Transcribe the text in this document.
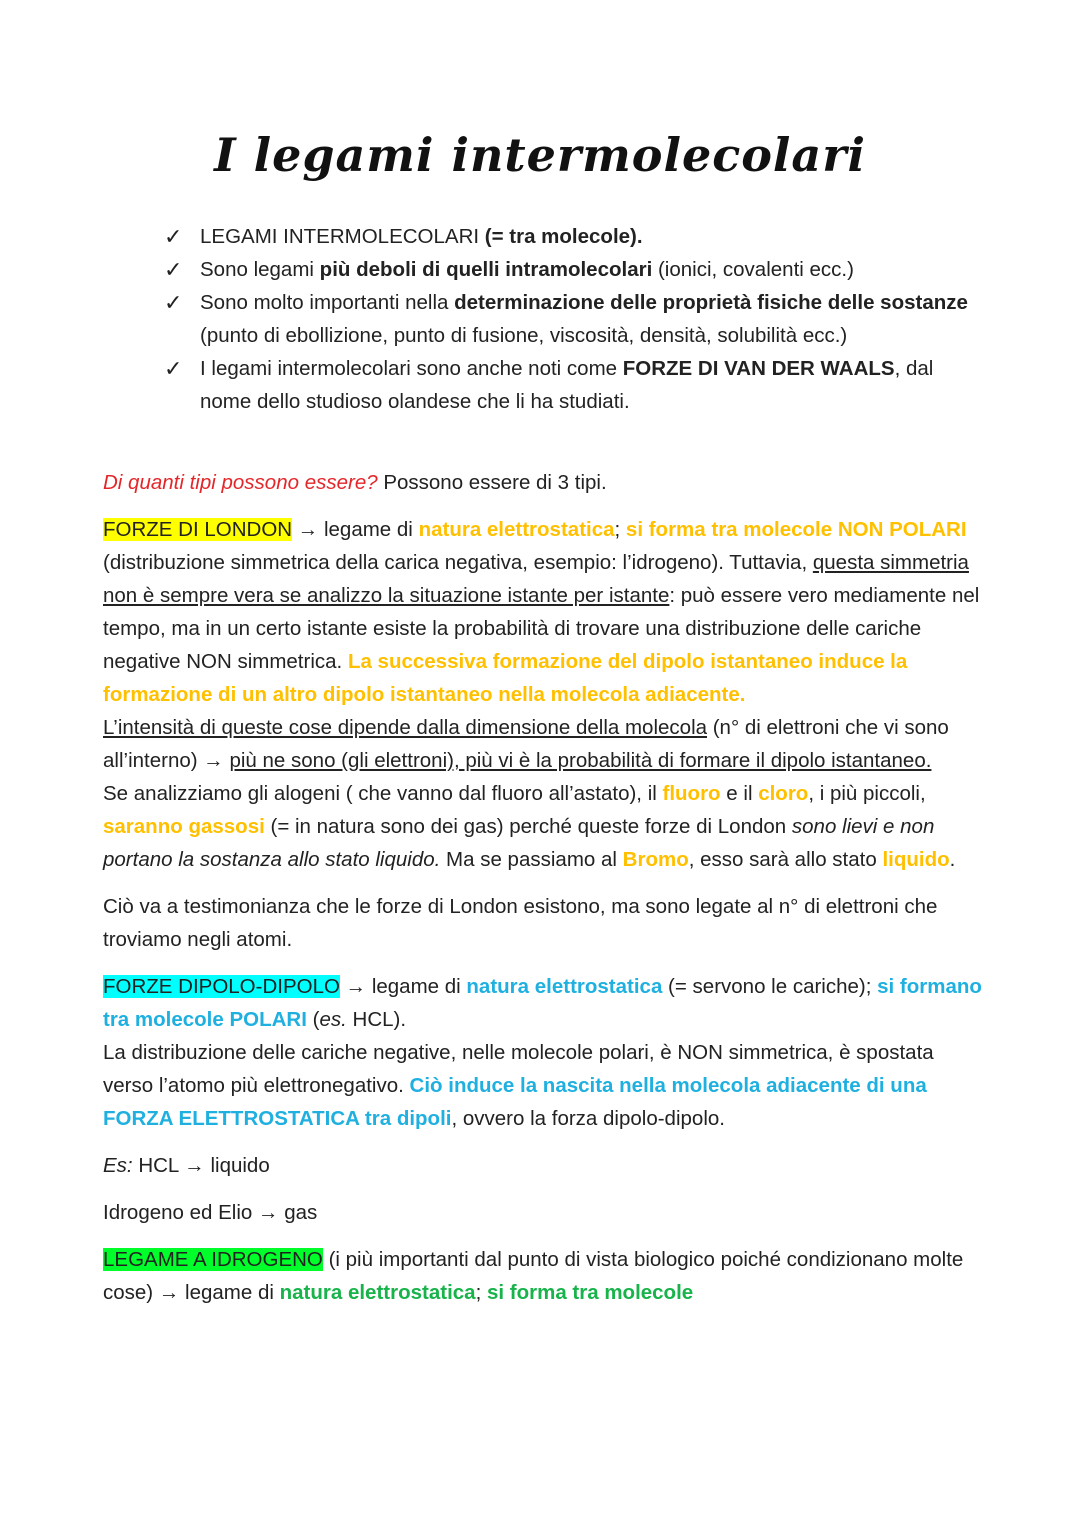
I legami intermolecolari
✓ LEGAMI INTERMOLECOLARI (= tra molecole).
✓ Sono legami più deboli di quelli intramolecolari (ionici, covalenti ecc.)
✓ Sono molto importanti nella determinazione delle proprietà fisiche delle sostanze (punto di ebollizione, punto di fusione, viscosità, densità, solubilità ecc.)
✓ I legami intermolecolari sono anche noti come FORZE DI VAN DER WAALS, dal nome dello studioso olandese che li ha studiati.

Di quanti tipi possono essere? Possono essere di 3 tipi.

FORZE DI LONDON → legame di natura elettrostatica; si forma tra molecole NON POLARI (distribuzione simmetrica della carica negativa, esempio: l’idrogeno). Tuttavia, questa simmetria non è sempre vera se analizzo la situazione istante per istante: può essere vero mediamente nel tempo, ma in un certo istante esiste la probabilità di trovare una distribuzione delle cariche negative NON simmetrica. La successiva formazione del dipolo istantaneo induce la formazione di un altro dipolo istantaneo nella molecola adiacente.
L’intensità di queste cose dipende dalla dimensione della molecola (n° di elettroni che vi sono all’interno) → più ne sono (gli elettroni), più vi è la probabilità di formare il dipolo istantaneo.
Se analizziamo gli alogeni ( che vanno dal fluoro all’astato), il fluoro e il cloro, i più piccoli, saranno gassosi (= in natura sono dei gas) perché queste forze di London sono lievi e non portano la sostanza allo stato liquido. Ma se passiamo al Bromo, esso sarà allo stato liquido.

Ciò va a testimonianza che le forze di London esistono, ma sono legate al n° di elettroni che troviamo negli atomi.

FORZE DIPOLO-DIPOLO → legame di natura elettrostatica (= servono le cariche); si formano tra molecole POLARI (es. HCL).
La distribuzione delle cariche negative, nelle molecole polari, è NON simmetrica, è spostata verso l’atomo più elettronegativo. Ciò induce la nascita nella molecola adiacente di una FORZA ELETTROSTATICA tra dipoli, ovvero la forza dipolo-dipolo.

Es: HCL → liquido

Idrogeno ed Elio → gas

LEGAME A IDROGENO (i più importanti dal punto di vista biologico poiché condizionano molte cose) → legame di natura elettrostatica; si forma tra molecole
